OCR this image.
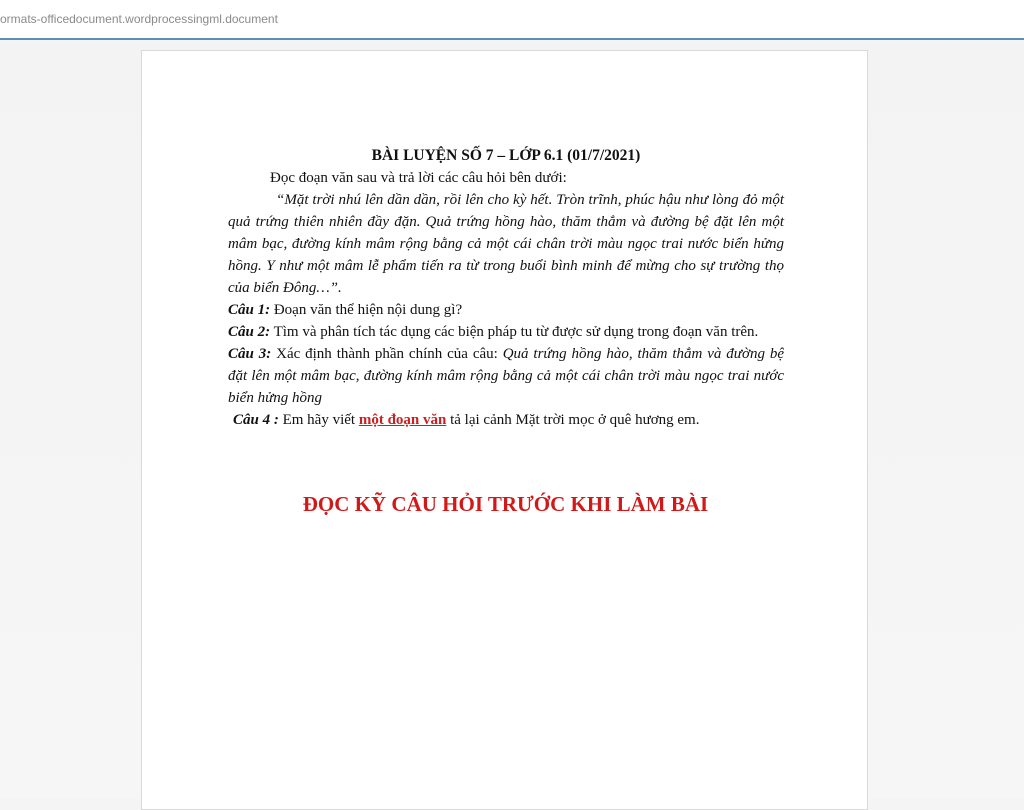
ormats-officedocument.wordprocessingml.document

BÀI LUYỆN SỐ 7 – LỚP 6.1 (01/7/2021)

Đọc đoạn văn sau và trả lời các câu hỏi bên dưới:

“Mặt trời nhú lên dần dần, rồi lên cho kỳ hết. Tròn trĩnh, phúc hậu như lòng đỏ một quả trứng thiên nhiên đầy đặn. Quả trứng hồng hào, thăm thẳm và đường bệ đặt lên một mâm bạc, đường kính mâm rộng bằng cả một cái chân trời màu ngọc trai nước biển hửng hồng. Y như một mâm lễ phẩm tiến ra từ trong buổi bình minh để mừng cho sự trường thọ của biển Đông…”.

Câu 1: Đoạn văn thể hiện nội dung gì?

Câu 2: Tìm và phân tích tác dụng các biện pháp tu từ được sử dụng trong đoạn văn trên.

Câu 3: Xác định thành phần chính của câu: Quả trứng hồng hào, thăm thẳm và đường bệ đặt lên một mâm bạc, đường kính mâm rộng bằng cả một cái chân trời màu ngọc trai nước biển hửng hồng

Câu 4 : Em hãy viết một đoạn văn tả lại cảnh Mặt trời mọc ở quê hương em.

ĐỌC KỸ CÂU HỎI TRƯỚC KHI LÀM BÀI
